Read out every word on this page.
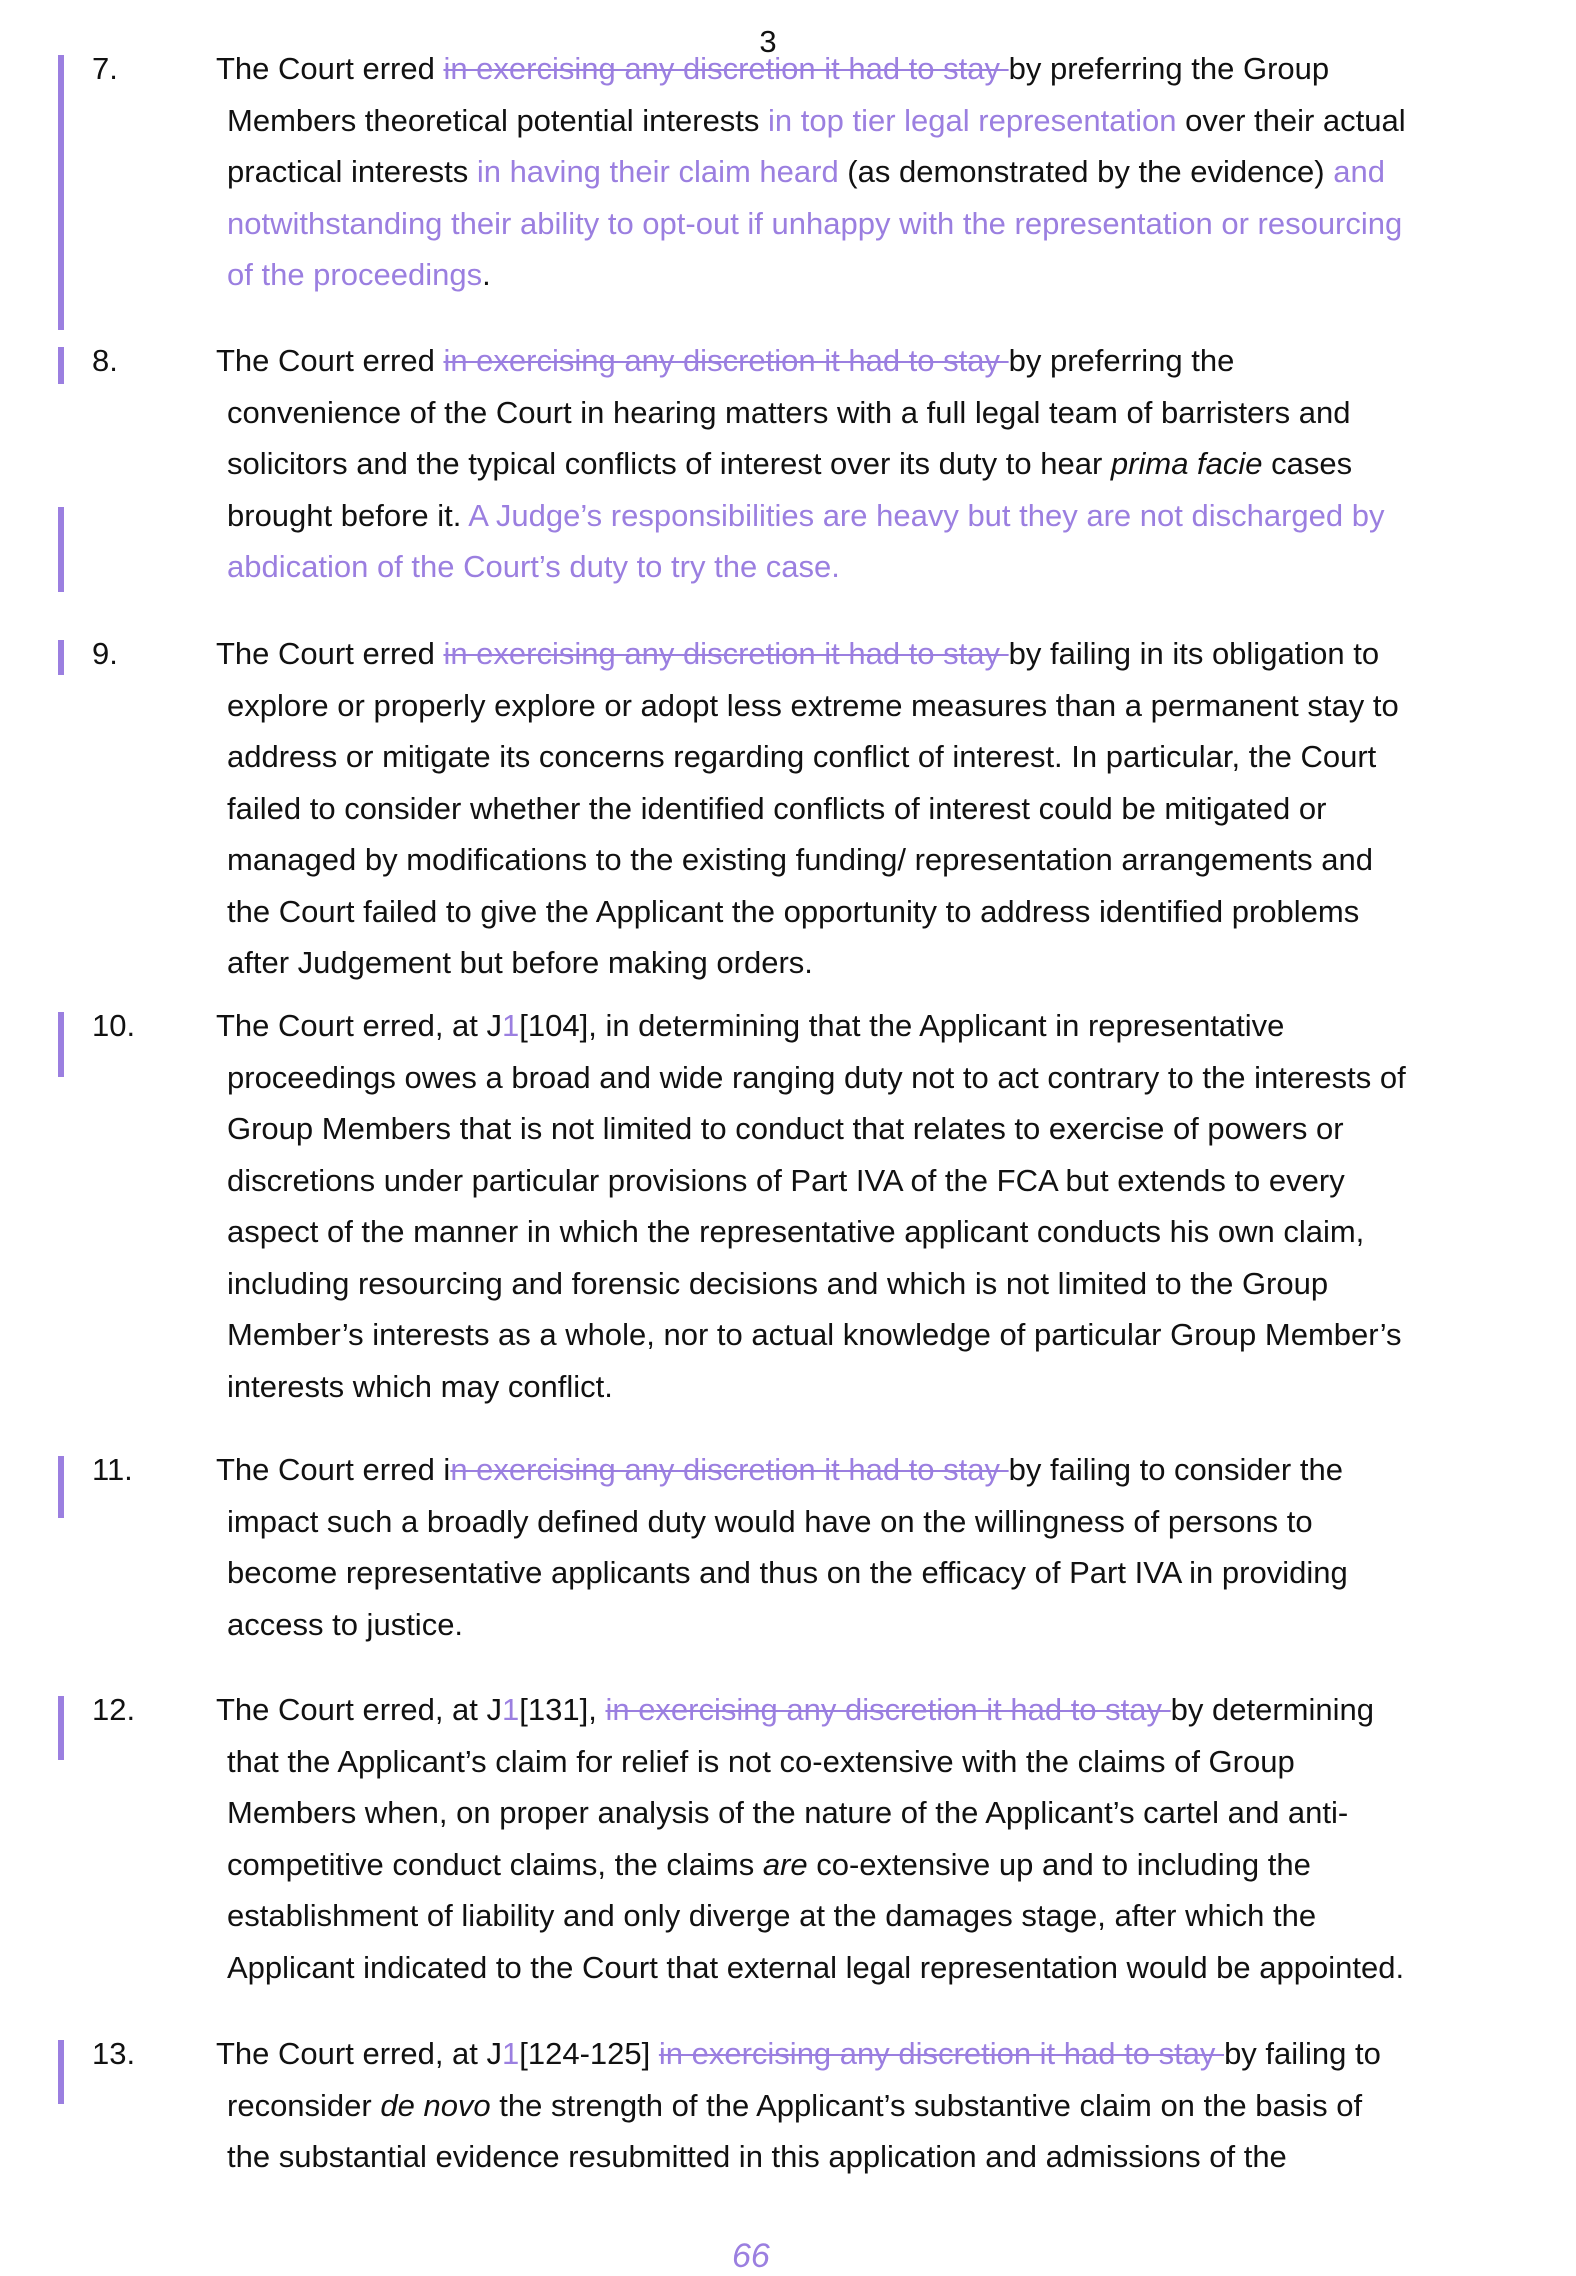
3
7.	The Court erred in exercising any discretion it had to stay by preferring the Group
Members theoretical potential interests in top tier legal representation over their actual
practical interests in having their claim heard (as demonstrated by the evidence) and
notwithstanding their ability to opt-out if unhappy with the representation or resourcing
of the proceedings.
8.	The Court erred in exercising any discretion it had to stay by preferring the
convenience of the Court in hearing matters with a full legal team of barristers and
solicitors and the typical conflicts of interest over its duty to hear prima facie cases
brought before it. A Judge’s responsibilities are heavy but they are not discharged by
abdication of the Court’s duty to try the case.
9.	The Court erred in exercising any discretion it had to stay by failing in its obligation to
explore or properly explore or adopt less extreme measures than a permanent stay to
address or mitigate its concerns regarding conflict of interest. In particular, the Court
failed to consider whether the identified conflicts of interest could be mitigated or
managed by modifications to the existing funding/ representation arrangements and
the Court failed to give the Applicant the opportunity to address identified problems
after Judgement but before making orders.
10.	The Court erred, at J1[104], in determining that the Applicant in representative
proceedings owes a broad and wide ranging duty not to act contrary to the interests of
Group Members that is not limited to conduct that relates to exercise of powers or
discretions under particular provisions of Part IVA of the FCA but extends to every
aspect of the manner in which the representative applicant conducts his own claim,
including resourcing and forensic decisions and which is not limited to the Group
Member’s interests as a whole, nor to actual knowledge of particular Group Member’s
interests which may conflict.
11.	The Court erred in exercising any discretion it had to stay by failing to consider the
impact such a broadly defined duty would have on the willingness of persons to
become representative applicants and thus on the efficacy of Part IVA in providing
access to justice.
12.	The Court erred, at J1[131], in exercising any discretion it had to stay by determining
that the Applicant’s claim for relief is not co-extensive with the claims of Group
Members when, on proper analysis of the nature of the Applicant’s cartel and anti-
competitive conduct claims, the claims are co-extensive up and to including the
establishment of liability and only diverge at the damages stage, after which the
Applicant indicated to the Court that external legal representation would be appointed.
13.	The Court erred, at J1[124-125] in exercising any discretion it had to stay by failing to
reconsider de novo the strength of the Applicant’s substantive claim on the basis of
the substantial evidence resubmitted in this application and admissions of the
66
